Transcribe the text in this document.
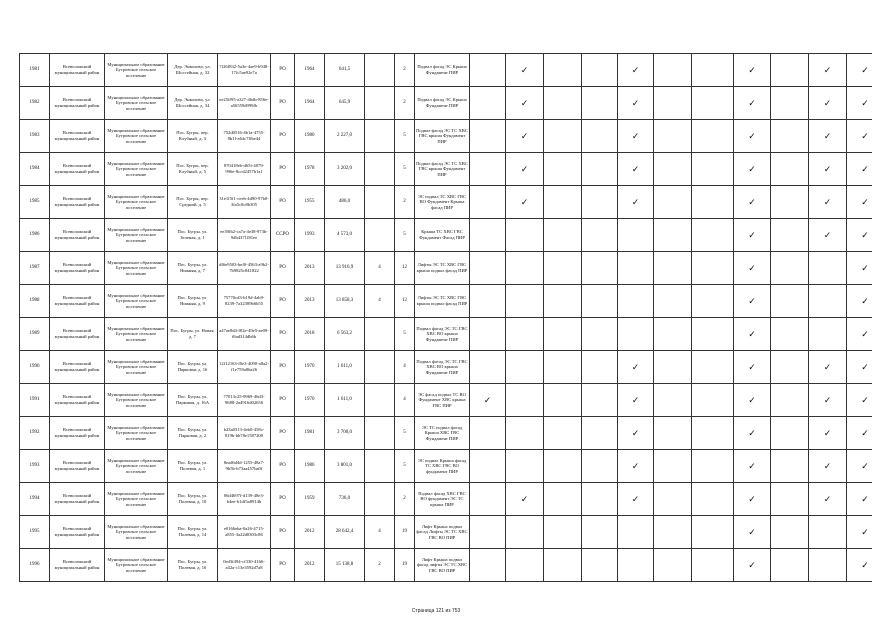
1981	Всеволожский муниципальный район	Муниципальное образование Бугровское сельское поселение	Дер. Энколово, ул. Шоссейная, д. 32	7f26f832-5a3e-4ae9-b948-17fc5ae92e7a	РО	1964	641,5		2	Подвал фасад ЭС Крыша Фундамент ПИР		✓			✓			✓		✓	✓
1982	Всеволожский муниципальный район	Муниципальное образование Бугровское сельское поселение	Дер. Энколово, ул. Шоссейная, д. 34	ee25ff95-a327-46db-856e-a56559d999fb	РО	1964	645,9		2	Подвал фасад ЭС Крыша Фундамент ПИР		✓			✓			✓		✓	✓
1983	Всеволожский муниципальный район	Муниципальное образование Бугровское сельское поселение	Пос. Бугры, пер. Клубный, д. 3	752d0516-4b1a-4755-8b1f-a64c7ffbe44	РО	1980	2 227,0		5	Подвал фасад ЭС ТС ХВС ГВС крыша Фундамент ПИР		✓			✓			✓		✓	✓
1984	Всеволожский муниципальный район	Муниципальное образование Бугровское сельское поселение	Пос. Бугры, пер. Клубный, д. 5	870418eb-d65f-4079-996e-8ccd2457b1a1	РО	1978	3 202,0		5	Подвал фасад ЭС ТС ХВС ГВС крыша Фундамент ПИР		✓			✓			✓		✓	✓
1985	Всеволожский муниципальный район	Муниципальное образование Бугровское сельское поселение	Пос. Бугры, пер. Средний, д. 5	31e1f5f1-ceeb-4d90-97b0-3fa5c8c8b305	РО	1955	486,0		2	ЭС подвал ТС ХВС ГВС ВО Фундамент Крыша фасад ПИР		✓			✓			✓		✓	✓
1986	Всеволожский муниципальный район	Муниципальное образование Бугровское сельское поселение	Пос. Бугры, ул. Зеленая, д. 1	ee39fb2-ca7a-4e38-973b-9db4371f81ee	СCPO	1993	4 573,0		5	Крыша ТС ХВС ГВС Фундамент Фасад ПИР								✓		✓	✓
1987	Всеволожский муниципальный район	Муниципальное образование Бугровское сельское поселение	Пос. Бугры, ул. Нижняя, д. 7	df6e9503-bef0-4563-a9b2-7b9825c841822	РО	2013	13 910,9	4	12	Лифты ЭС ТС ХВС ГВС крыша подвал фасад ПИР								✓			✓
1988	Всеволожский муниципальный район	Муниципальное образование Бугровское сельское поселение	Пос. Бугры, ул. Нижняя, д. 9	75770cd3-b19d-4ab9-8239-7a32389b6b55	РО	2013	13 858,3	4	12	Лифты ЭС ТС ХВС ГВС крыша подвал фасад ПИР								✓			✓
1989	Всеволожский муниципальный район	Муниципальное образование Бугровское сельское поселение	Пос. Бугры, ул. Новая, д. 7	a47ae8d4-f82e-49e5-ae09-f6ad314db6b	РО	2018	6 563,2		5	Подвал фасад ЭС ТС ГВС ХВС ВО крыша Фундамент ПИР								✓			✓
1990	Всеволожский муниципальный район	Муниципальное образование Бугровское сельское поселение	Пос. Бугры, ул. Парковая, д. 16	12f12163-f0e3-4090-a8a2-f1e759a86a26	РО	1970	1 611,0		4	Подвал фасад ЭС ТС ГВС ХВС ВО крыша Фундамент ПИР					✓			✓		✓	✓
1991	Всеволожский муниципальный район	Муниципальное образование Бугровское сельское поселение	Пос. Бугры, ул. Парковая, д. 16А	77013c25-9969-46d3-9688-2a4916d02656	РО	1970	1 611,0		4	ЭС фасад подвал ТС ВО Фундамент ХВС крыша ГВС ПИР	✓				✓			✓		✓	✓
1992	Всеволожский муниципальный район	Муниципальное образование Бугровское сельское поселение	Пос. Бугры, ул. Парковая, д. 2	b23a0313-4eb0-458c-819b-bb78e1587200	РО	1981	3 700,0		5	ЭС ТС подвал фасад Крыша ХВС ГВС Фундамент ПИР					✓			✓		✓	✓
1993	Всеволожский муниципальный район	Муниципальное образование Бугровское сельское поселение	Пос. Бугры, ул. Полевая, д. 1	8ead6d4d-1255-48a7-9b5b-b73aa457ba0f	РО	1986	3 801,0		5	ЭС подвал Крыша фасад ТС ХВС ГВС ВО фундамент ПИР					✓			✓		✓	✓
1994	Всеволожский муниципальный район	Муниципальное образование Бугровское сельское поселение	Пос. Бугры, ул. Полевая, д. 10	06d4697f-d139-48e3-b4ee-b1df5a8914b	РО	1959	736,0		2	Подвал фасад ХВС ГВС ВО фундамент ЭС ТС крыша ПИР		✓			✓			✓		✓	✓
1995	Всеволожский муниципальный район	Муниципальное образование Бугровское сельское поселение	Пос. Бугры, ул. Полевая, д. 14	e0166eba-0a26-4715-a855-3a22d0303c86	РО	2012	28 642,4	4	19	Лифт Крыша подвал фасад Лифты ЭС ТС ХВС ГВС ВО ПИР								✓			✓
1996	Всеволожский муниципальный район	Муниципальное образование Бугровское сельское поселение	Пос. Бугры, ул. Полевая, д. 16	0ed3f494-cf330-4166-a42a-c13e3592d7a8	РО	2012	15 138,8	2	19	Лифт Крыша подвал фасад лифты ЭС ТС ХВС ГВС ВО ПИР								✓			✓
Страница 121 из 753
